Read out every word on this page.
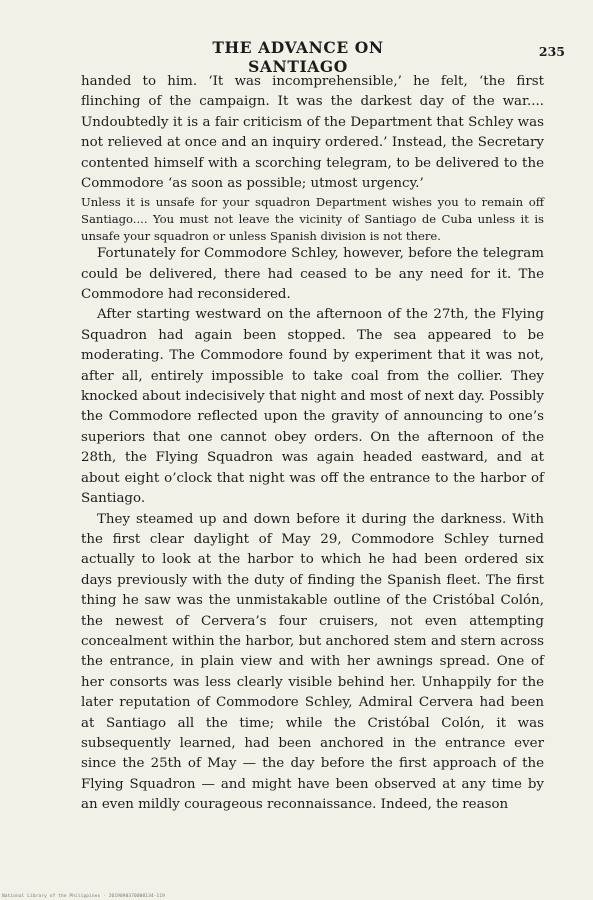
THE ADVANCE ON SANTIAGO
235

handed to him. ‘It was incomprehensible,’ he felt, ‘the first flinching of the campaign. It was the darkest day of the war.... Undoubtedly it is a fair criticism of the Department that Schley was not relieved at once and an inquiry ordered.’ Instead, the Secretary contented himself with a scorching telegram, to be delivered to the Commodore ‘as soon as possible; utmost urgency.’

Unless it is unsafe for your squadron Department wishes you to remain off Santiago.... You must not leave the vicinity of Santiago de Cuba unless it is unsafe your squadron or unless Spanish division is not there.

Fortunately for Commodore Schley, however, before the telegram could be delivered, there had ceased to be any need for it. The Commodore had reconsidered.

After starting westward on the afternoon of the 27th, the Flying Squadron had again been stopped. The sea appeared to be moderating. The Commodore found by experiment that it was not, after all, entirely impossible to take coal from the collier. They knocked about indecisively that night and most of next day. Possibly the Commodore reflected upon the gravity of announcing to one’s superiors that one cannot obey orders. On the afternoon of the 28th, the Flying Squadron was again headed eastward, and at about eight o’clock that night was off the entrance to the harbor of Santiago.

They steamed up and down before it during the darkness. With the first clear daylight of May 29, Commodore Schley turned actually to look at the harbor to which he had been ordered six days previously with the duty of finding the Spanish fleet. The first thing he saw was the unmistakable outline of the Cristóbal Colón, the newest of Cervera’s four cruisers, not even attempting concealment within the harbor, but anchored stem and stern across the entrance, in plain view and with her awnings spread. One of her consorts was less clearly visible behind her. Unhappily for the later reputation of Commodore Schley, Admiral Cervera had been at Santiago all the time; while the Cristóbal Colón, it was subsequently learned, had been anchored in the entrance ever since the 25th of May — the day before the first approach of the Flying Squadron — and might have been observed at any time by an even mildly courageous reconnaissance. Indeed, the reason

National Library of the Philippines · 2019090370000134-119
